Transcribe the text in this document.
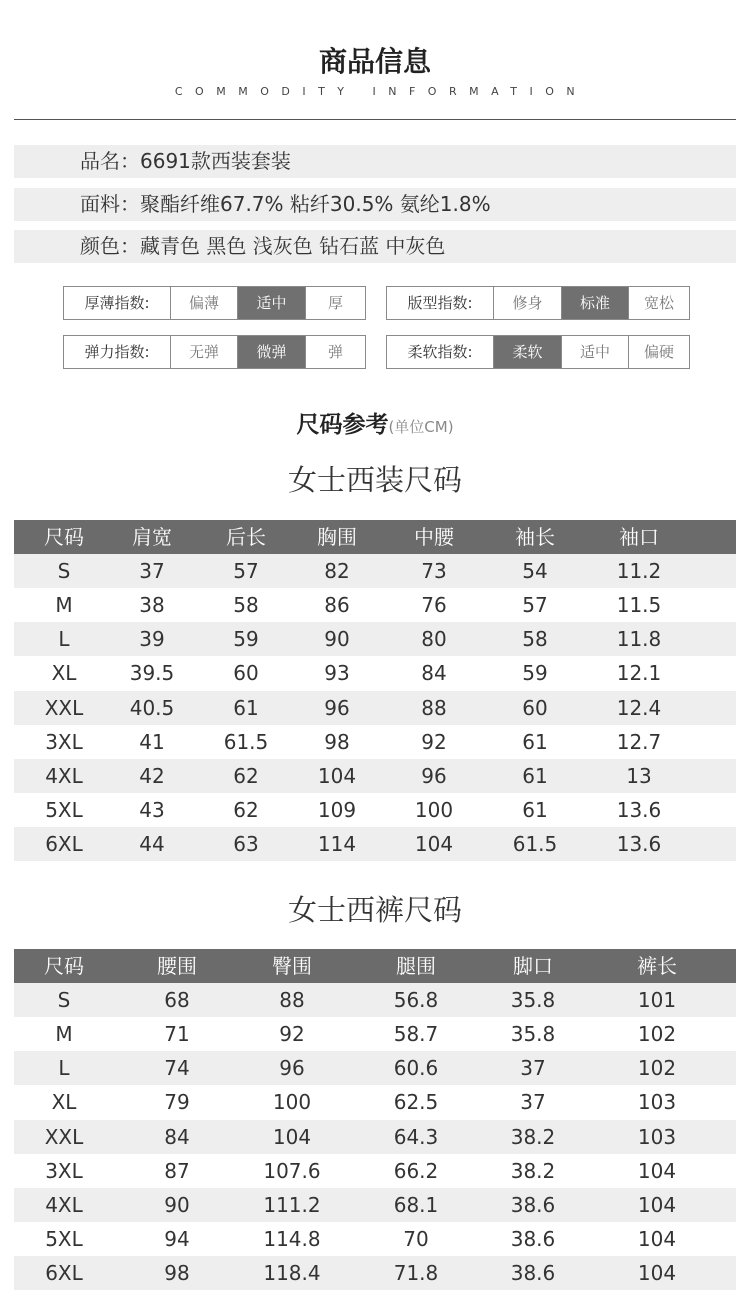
商品信息
COMMODITY INFORMATION
品名：6691款西装套装
面料：聚酯纤维67.7% 粘纤30.5% 氨纶1.8%
颜色：藏青色 黑色 浅灰色 钻石蓝 中灰色
厚薄指数:	偏薄	适中	厚	版型指数:	修身	标准	宽松
弹力指数:	无弹	微弹	弹	柔软指数:	柔软	适中	偏硬
尺码参考(单位CM)
女士西装尺码
尺码	肩宽	后长	胸围	中腰	袖长	袖口
S	37	57	82	73	54	11.2
M	38	58	86	76	57	11.5
L	39	59	90	80	58	11.8
XL	39.5	60	93	84	59	12.1
XXL	40.5	61	96	88	60	12.4
3XL	41	61.5	98	92	61	12.7
4XL	42	62	104	96	61	13
5XL	43	62	109	100	61	13.6
6XL	44	63	114	104	61.5	13.6
女士西裤尺码
尺码	腰围	臀围	腿围	脚口	裤长
S	68	88	56.8	35.8	101
M	71	92	58.7	35.8	102
L	74	96	60.6	37	102
XL	79	100	62.5	37	103
XXL	84	104	64.3	38.2	103
3XL	87	107.6	66.2	38.2	104
4XL	90	111.2	68.1	38.6	104
5XL	94	114.8	70	38.6	104
6XL	98	118.4	71.8	38.6	104
